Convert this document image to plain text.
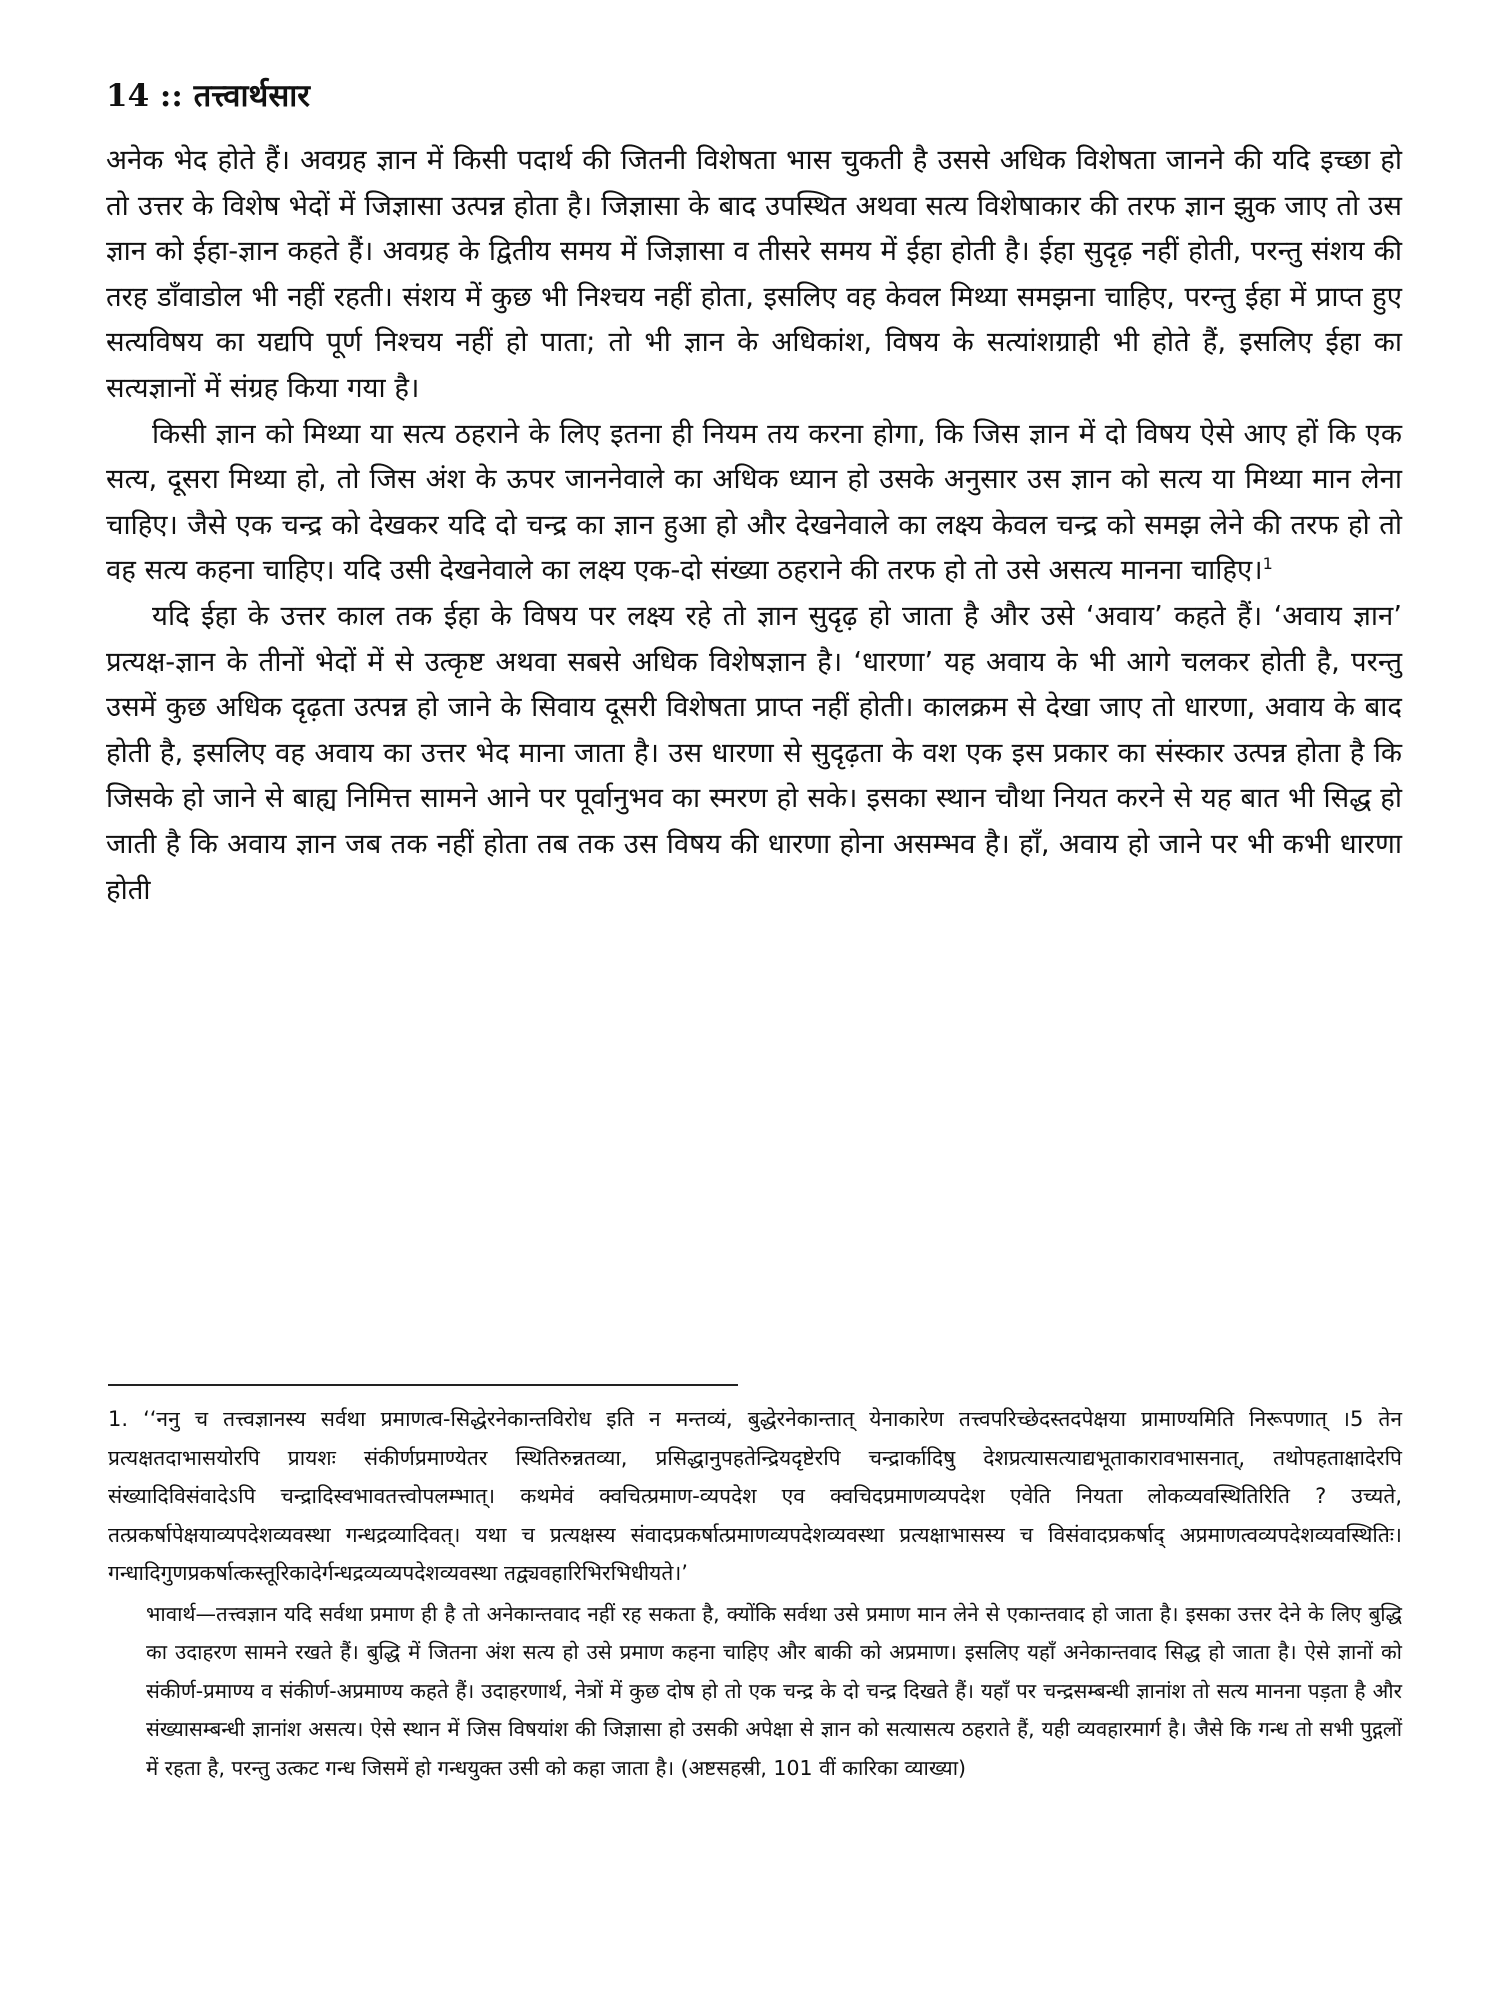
14 :: तत्त्वार्थसार

अनेक भेद होते हैं। अवग्रह ज्ञान में किसी पदार्थ की जितनी विशेषता भास चुकती है उससे अधिक विशेषता जानने की यदि इच्छा हो तो उत्तर के विशेष भेदों में जिज्ञासा उत्पन्न होता है। जिज्ञासा के बाद उपस्थित अथवा सत्य विशेषाकार की तरफ ज्ञान झुक जाए तो उस ज्ञान को ईहा-ज्ञान कहते हैं। अवग्रह के द्वितीय समय में जिज्ञासा व तीसरे समय में ईहा होती है। ईहा सुदृढ़ नहीं होती, परन्तु संशय की तरह डाँवाडोल भी नहीं रहती। संशय में कुछ भी निश्चय नहीं होता, इसलिए वह केवल मिथ्या समझना चाहिए, परन्तु ईहा में प्राप्त हुए सत्यविषय का यद्यपि पूर्ण निश्चय नहीं हो पाता; तो भी ज्ञान के अधिकांश, विषय के सत्यांशग्राही भी होते हैं, इसलिए ईहा का सत्यज्ञानों में संग्रह किया गया है।

किसी ज्ञान को मिथ्या या सत्य ठहराने के लिए इतना ही नियम तय करना होगा, कि जिस ज्ञान में दो विषय ऐसे आए हों कि एक सत्य, दूसरा मिथ्या हो, तो जिस अंश के ऊपर जाननेवाले का अधिक ध्यान हो उसके अनुसार उस ज्ञान को सत्य या मिथ्या मान लेना चाहिए। जैसे एक चन्द्र को देखकर यदि दो चन्द्र का ज्ञान हुआ हो और देखनेवाले का लक्ष्य केवल चन्द्र को समझ लेने की तरफ हो तो वह सत्य कहना चाहिए। यदि उसी देखनेवाले का लक्ष्य एक-दो संख्या ठहराने की तरफ हो तो उसे असत्य मानना चाहिए।$^1$

यदि ईहा के उत्तर काल तक ईहा के विषय पर लक्ष्य रहे तो ज्ञान सुदृढ़ हो जाता है और उसे ‘अवाय’ कहते हैं। ‘अवाय ज्ञान’ प्रत्यक्ष-ज्ञान के तीनों भेदों में से उत्कृष्ट अथवा सबसे अधिक विशेषज्ञान है। ‘धारणा’ यह अवाय के भी आगे चलकर होती है, परन्तु उसमें कुछ अधिक दृढ़ता उत्पन्न हो जाने के सिवाय दूसरी विशेषता प्राप्त नहीं होती। कालक्रम से देखा जाए तो धारणा, अवाय के बाद होती है, इसलिए वह अवाय का उत्तर भेद माना जाता है। उस धारणा से सुदृढ़ता के वश एक इस प्रकार का संस्कार उत्पन्न होता है कि जिसके हो जाने से बाह्य निमित्त सामने आने पर पूर्वानुभव का स्मरण हो सके। इसका स्थान चौथा नियत करने से यह बात भी सिद्ध हो जाती है कि अवाय ज्ञान जब तक नहीं होता तब तक उस विषय की धारणा होना असम्भव है। हाँ, अवाय हो जाने पर भी कभी धारणा होती

1. ‘‘ननु च तत्त्वज्ञानस्य सर्वथा प्रमाणत्व-सिद्धेरनेकान्तविरोध इति न मन्तव्यं, बुद्धेरनेकान्तात् येनाकारेण तत्त्वपरिच्छेदस्तदपेक्षया प्रामाण्यमिति निरूपणात् ।5 तेन प्रत्यक्षतदाभासयोरपि प्रायशः संकीर्णप्रमाण्येतर स्थितिरुन्नतव्या, प्रसिद्धानुपहतेन्द्रियदृष्टेरपि चन्द्रार्कादिषु देशप्रत्यासत्याद्यभूताकारावभासनात्, तथोपहताक्षादेरपि संख्यादिविसंवादेऽपि चन्द्रादिस्वभावतत्त्वोपलम्भात्। कथमेवं क्वचित्प्रमाण-व्यपदेश एव क्वचिदप्रमाणव्यपदेश एवेति नियता लोकव्यवस्थितिरिति ? उच्यते, तत्प्रकर्षापेक्षयाव्यपदेशव्यवस्था गन्धद्रव्यादिवत्। यथा च प्रत्यक्षस्य संवादप्रकर्षात्प्रमाणव्यपदेशव्यवस्था प्रत्यक्षाभासस्य च विसंवादप्रकर्षाद् अप्रमाणत्वव्यपदेशव्यवस्थितिः। गन्धादिगुणप्रकर्षात्कस्तूरिकादेर्गन्धद्रव्यव्यपदेशव्यवस्था तद्व्यवहारिभिरभिधीयते।’

भावार्थ—तत्त्वज्ञान यदि सर्वथा प्रमाण ही है तो अनेकान्तवाद नहीं रह सकता है, क्योंकि सर्वथा उसे प्रमाण मान लेने से एकान्तवाद हो जाता है। इसका उत्तर देने के लिए बुद्धि का उदाहरण सामने रखते हैं। बुद्धि में जितना अंश सत्य हो उसे प्रमाण कहना चाहिए और बाकी को अप्रमाण। इसलिए यहाँ अनेकान्तवाद सिद्ध हो जाता है। ऐसे ज्ञानों को संकीर्ण-प्रमाण्य व संकीर्ण-अप्रमाण्य कहते हैं। उदाहरणार्थ, नेत्रों में कुछ दोष हो तो एक चन्द्र के दो चन्द्र दिखते हैं। यहाँ पर चन्द्रसम्बन्धी ज्ञानांश तो सत्य मानना पड़ता है और संख्यासम्बन्धी ज्ञानांश असत्य। ऐसे स्थान में जिस विषयांश की जिज्ञासा हो उसकी अपेक्षा से ज्ञान को सत्यासत्य ठहराते हैं, यही व्यवहारमार्ग है। जैसे कि गन्ध तो सभी पुद्गलों में रहता है, परन्तु उत्कट गन्ध जिसमें हो गन्धयुक्त उसी को कहा जाता है। (अष्टसहस्री, 101 वीं कारिका व्याख्या)
